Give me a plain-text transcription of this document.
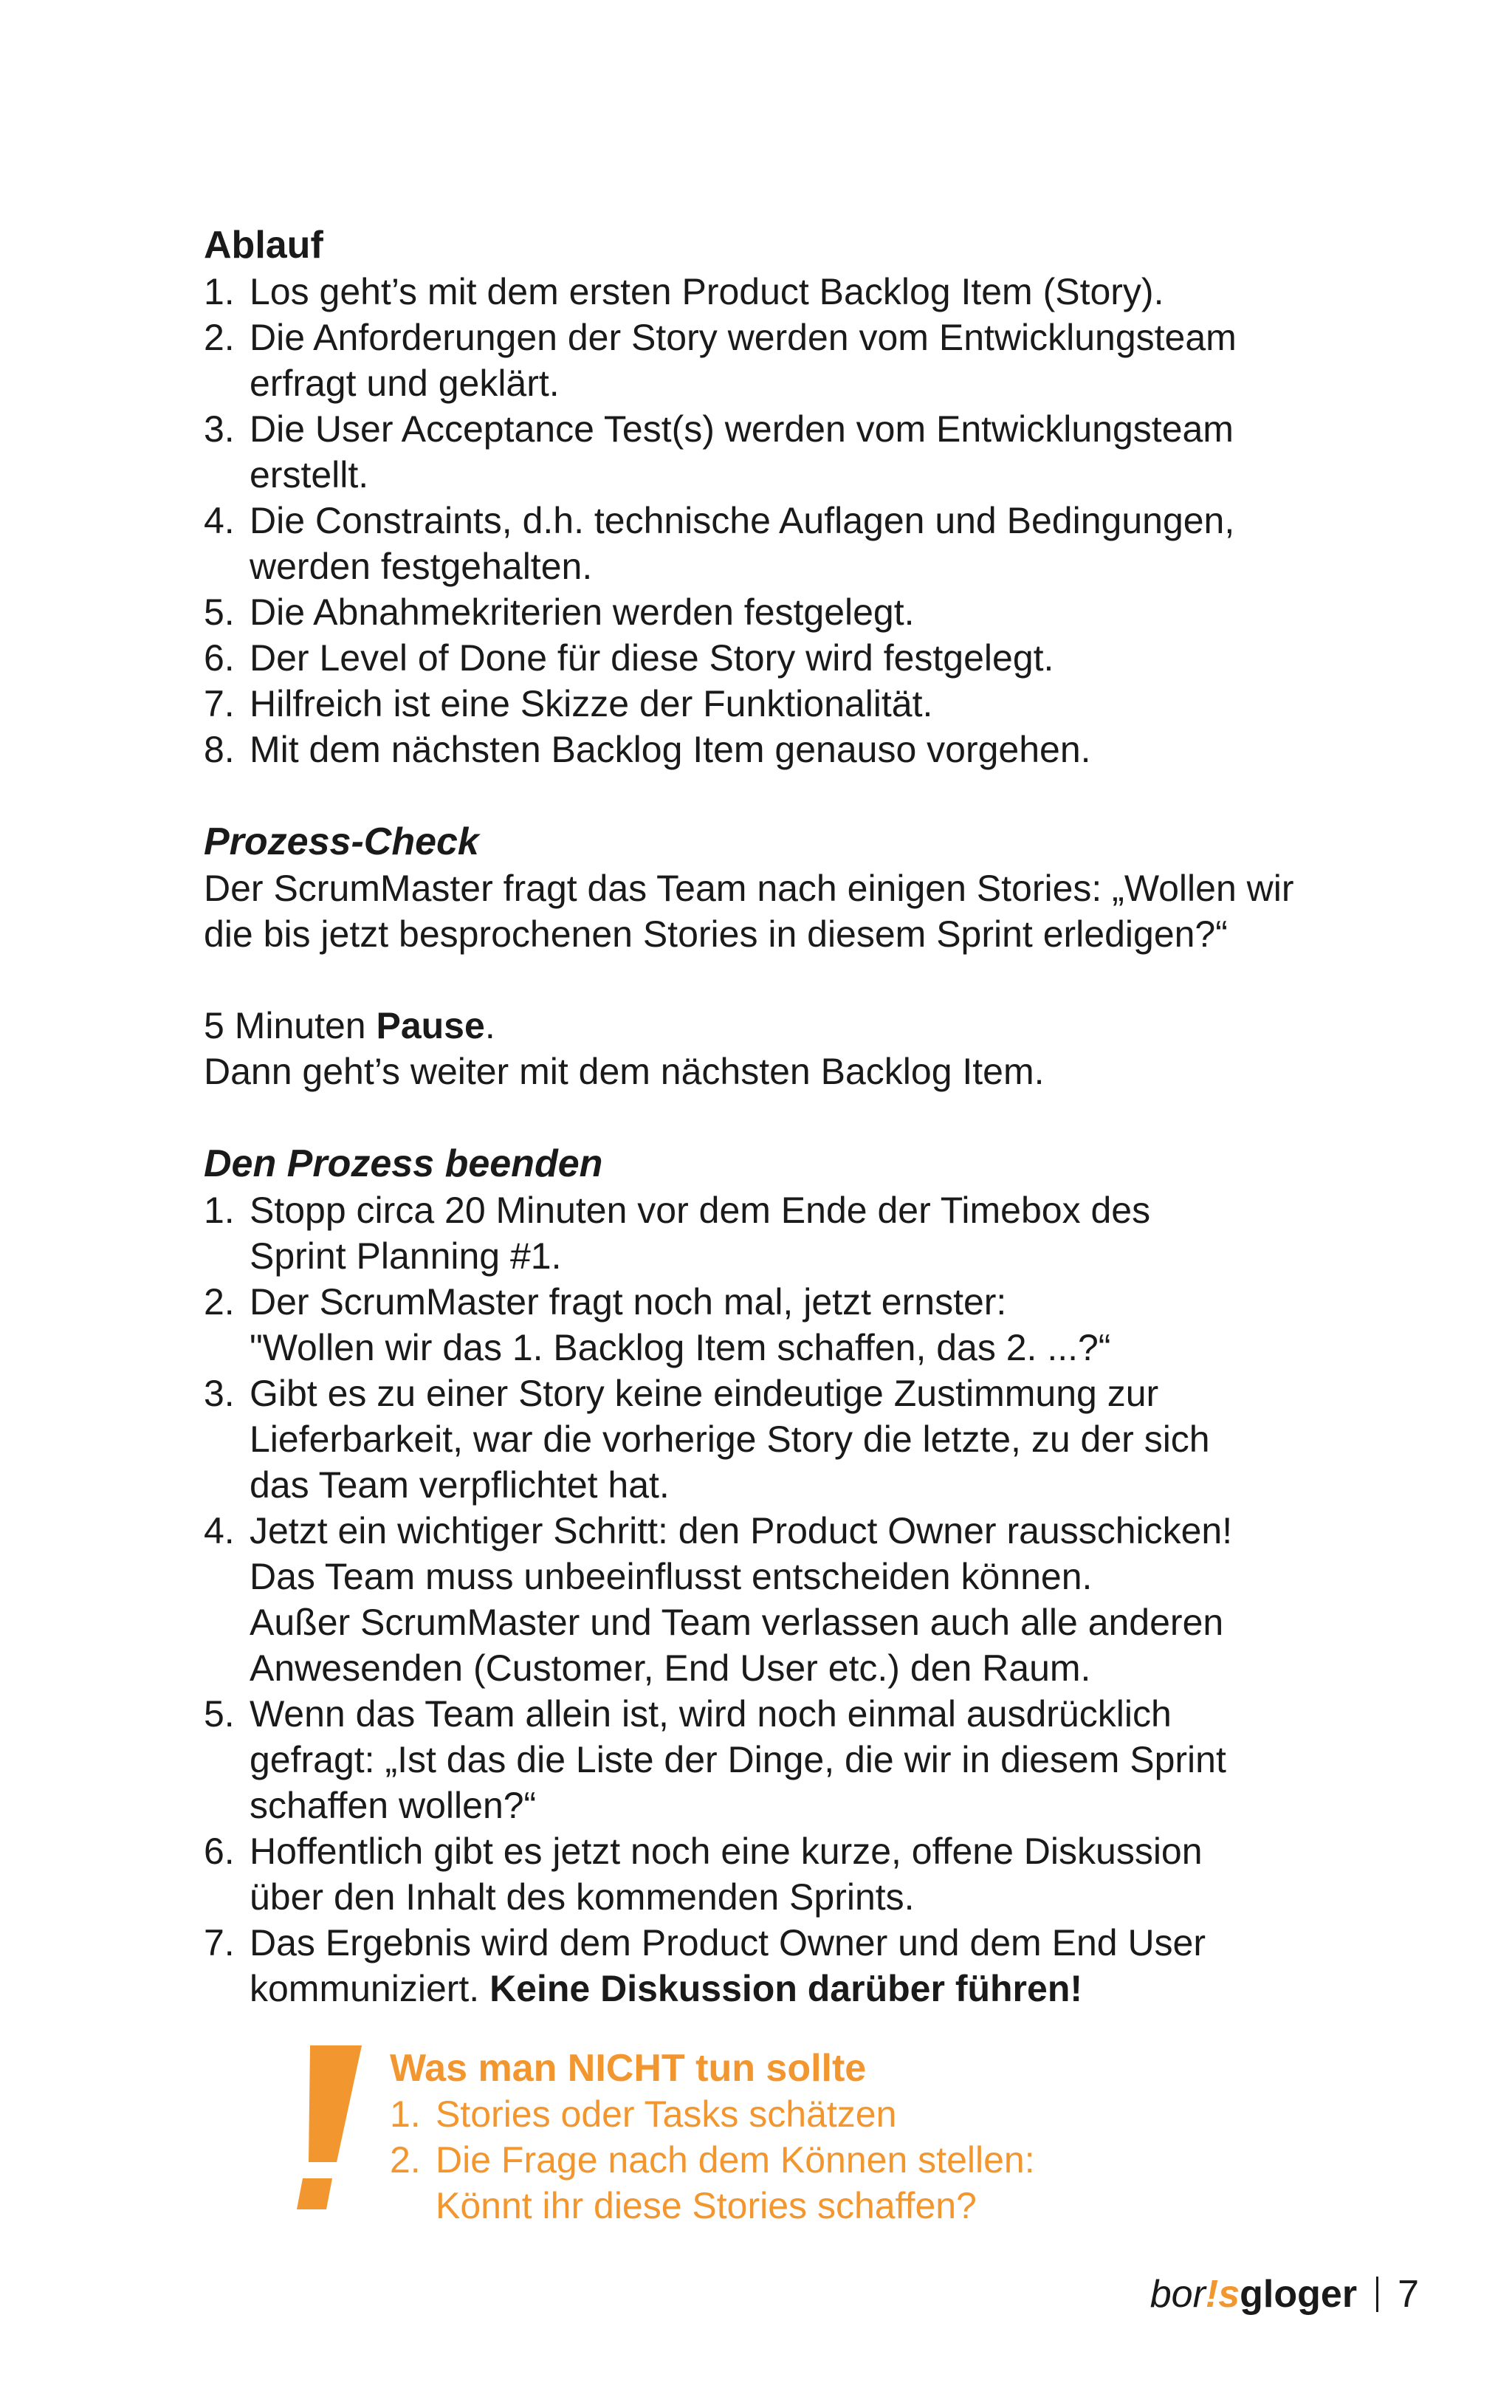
Ablauf
1. Los geht’s mit dem ersten Product Backlog Item (Story).
2. Die Anforderungen der Story werden vom Entwicklungsteam
erfragt und geklärt.
3. Die User Acceptance Test(s) werden vom Entwicklungsteam
erstellt.
4. Die Constraints, d.h. technische Auflagen und Bedingungen,
werden festgehalten.
5. Die Abnahmekriterien werden festgelegt.
6. Der Level of Done für diese Story wird festgelegt.
7. Hilfreich ist eine Skizze der Funktionalität.
8. Mit dem nächsten Backlog Item genauso vorgehen.
Prozess-Check

Der ScrumMaster fragt das Team nach einigen Stories: „Wollen wir
die bis jetzt besprochenen Stories in diesem Sprint erledigen?“

5 Minuten Pause.

Dann geht’s weiter mit dem nächsten Backlog Item.

Den Prozess beenden
1. Stopp circa 20 Minuten vor dem Ende der Timebox des
Sprint Planning #1.
2. Der ScrumMaster fragt noch mal, jetzt ernster:
"Wollen wir das 1. Backlog Item schaffen, das 2. ...?“
3. Gibt es zu einer Story keine eindeutige Zustimmung zur
Lieferbarkeit, war die vorherige Story die letzte, zu der sich
das Team verpflichtet hat.
4. Jetzt ein wichtiger Schritt: den Product Owner rausschicken!
Das Team muss unbeeinflusst entscheiden können.
Außer ScrumMaster und Team verlassen auch alle anderen
Anwesenden (Customer, End User etc.) den Raum.
5. Wenn das Team allein ist, wird noch einmal ausdrücklich
gefragt: „Ist das die Liste der Dinge, die wir in diesem Sprint
schaffen wollen?“
6. Hoffentlich gibt es jetzt noch eine kurze, offene Diskussion
über den Inhalt des kommenden Sprints.
7. Das Ergebnis wird dem Product Owner und dem End User
kommuniziert. Keine Diskussion darüber führen!
Was man NICHT tun sollte
1. Stories oder Tasks schätzen
2. Die Frage nach dem Können stellen:
Könnt ihr diese Stories schaffen?
bor !s gloger 7
